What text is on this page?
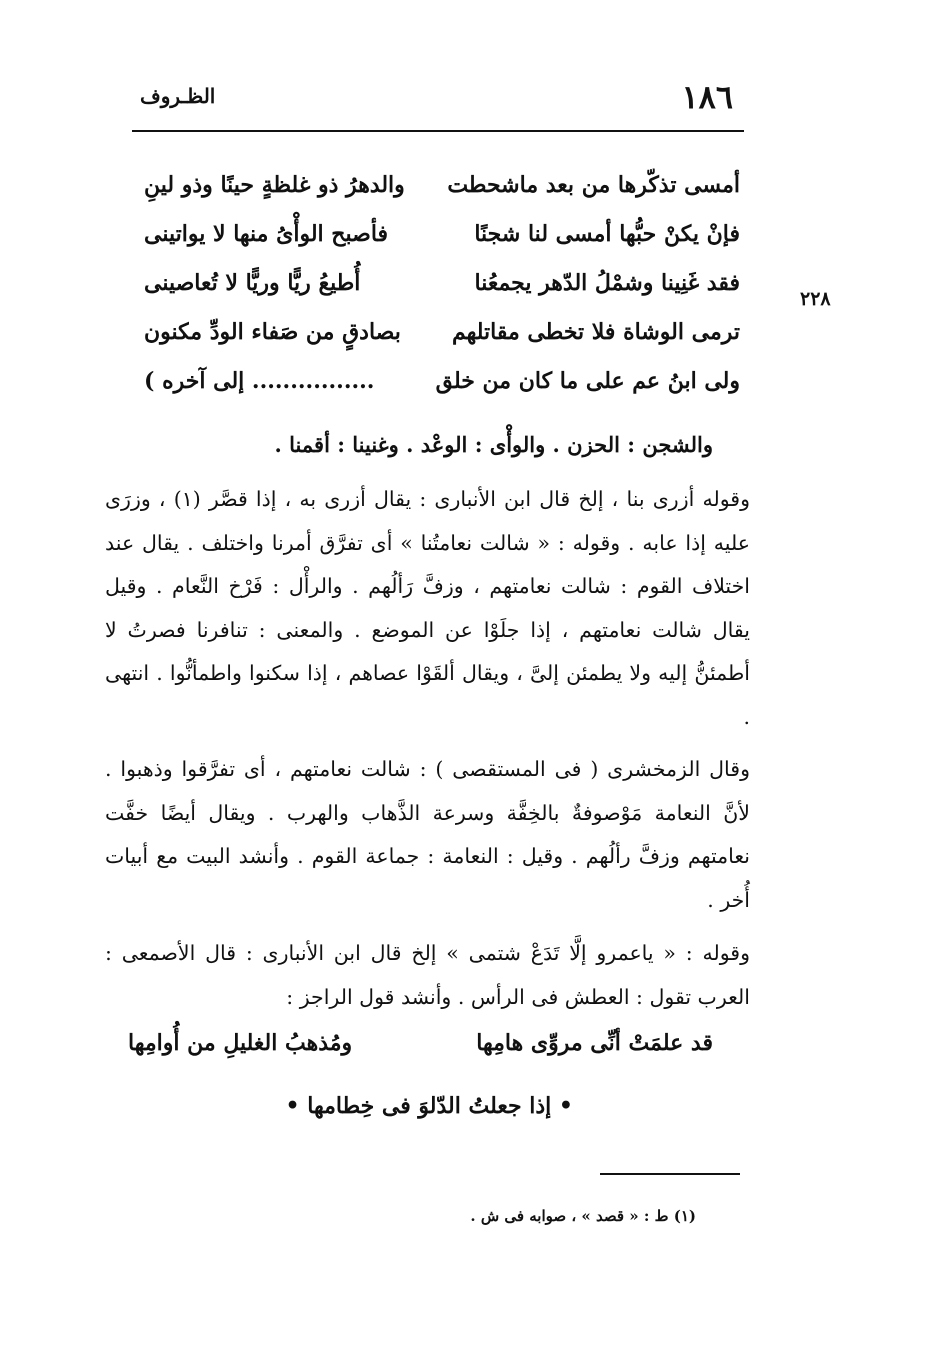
١٨٦
الظـروف
٢٢٨
أمسى تذكّرها من بعد ماشحطت
والدهرُ ذو غلظةٍ حينًا وذو لينِ
فإنْ يكنْ حبُّها أمسى لنا شجنًا
فأصبح الوأْىُ منها لا يواتينى
فقد غَنِينا وشمْلُ الدّهر يجمعُنا
أُطيعُ ريًّا وريًّا لا تُعاصينى
ترمى الوشاة فلا تخطى مقاتلهم
بصادقٍ من صَفاء الودِّ مكنون
ولى ابنُ عم على ما كان من خلق
................ إلى آخره )
والشجن : الحزن . والوأْى : الوعْد . وغنينا : أقمنا .

وقوله أزرى بنا ، إلخ قال ابن الأنبارى : يقال أزرى به ، إذا قصَّر (١) ، وزرَى عليه إذا عابه . وقوله : « شالت نعامتُنا » أى تفرَّق أمرنا واختلف . يقال عند اختلاف القوم : شالت نعامتهم ، وزفَّ رَألُهم . والرأْل : فَرْخ النَّعام . وقيل يقال شالت نعامتهم ، إذا جلَوْا عن الموضع . والمعنى : تنافرنا فصرتُ لا أطمئنُّ إليه ولا يطمئن إلىَّ ، ويقال ألقَوْا عصاهم ، إذا سكنوا واطمأنُّوا . انتهى .

وقال الزمخشرى ( فى المستقصى ) : شالت نعامتهم ، أى تفرَّقوا وذهبوا . لأنَّ النعامة مَوْصوفةٌ بالخِفَّة وسرعة الذَّهاب والهرب . ويقال أيضًا خفَّت نعامتهم وزفَّ رألُهم . وقيل : النعامة : جماعة القوم . وأنشد البيت مع أبيات أُخر .

وقوله : « ياعمرو إلَّا تَدَعْ شتمى » إلخ قال ابن الأنبارى : قال الأصمعى : العرب تقول : العطش فى الرأس . وأنشد قول الراجز :

قد علمَتْ أنِّى مروِّى هامِها
ومُذهبُ الغليلِ من أُوامِها
• إذا جعلتُ الدّلوَ فى خِطامها •
(١) ط : « قصد » ، صوابه فى ش .
